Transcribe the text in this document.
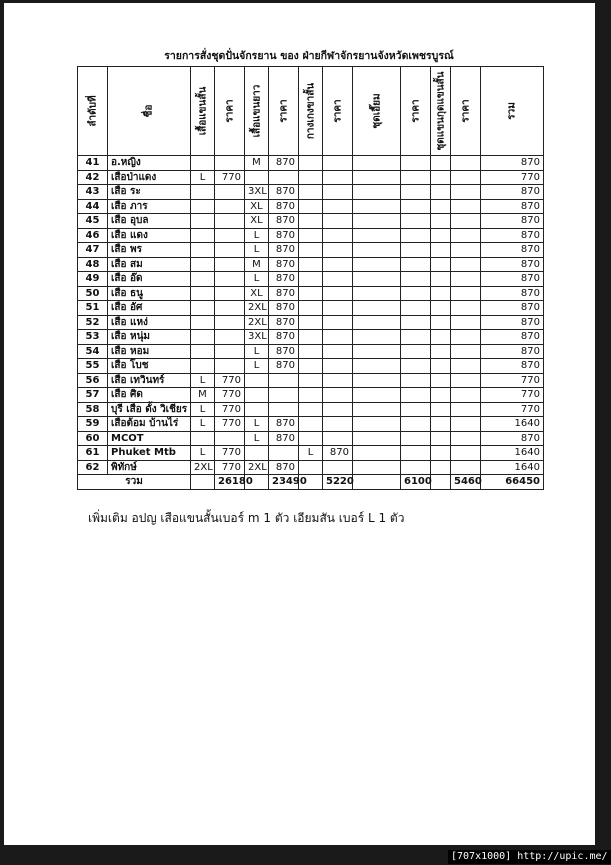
รายการสั่งชุดปั่นจักรยาน ของ ฝ่ายกีฬาจักรยานจังหวัดเพชรบูรณ์
ลำดับที่	ชื่อ	เสื้อแขนสั้น	ราคา	เสื้อแขนยาว	ราคา	กางเกงขาสั้น	ราคา	ชุดเอี๊ยม	ราคา	ชุดแขนกุดแขนสั้น	ราคา	รวม

41	อ.หญิง			M	870							870
42	เสือป่าแดง	L	770									770
43	เสือ ระ			3XL	870							870
44	เสือ ภาร			XL	870							870
45	เสือ อุบล			XL	870							870
46	เสือ แดง			L	870							870
47	เสือ พร			L	870							870
48	เสือ สม			M	870							870
49	เสือ อ๊ด			L	870							870
50	เสือ ธนู			XL	870							870
51	เสือ อัศ			2XL	870							870
52	เสือ แหง่			2XL	870							870
53	เสือ หนุ่ม			3XL	870							870
54	เสือ หอม			L	870							870
55	เสือ โบช			L	870							870
56	เสือ เทวินทร์	L	770									770
57	เสือ ศิด	M	770									770
58	บุรี เสือ ดั้ง วิเชียร	L	770									770
59	เสือต้อม บ้านไร่	L	770	L	870							1640
60	MCOT			L	870							870
61	Phuket Mtb	L	770			L	870					1640
62	พิทักษ์	2XL	770	2XL	870							1640
รวม			26180		23490		5220		6100		5460	66450
เพิ่มเติม อปญ เสือแขนสั้นเบอร์ m 1 ตัว เอียมสัน เบอร์ L 1 ตัว
[707x1000] http://upic.me/
